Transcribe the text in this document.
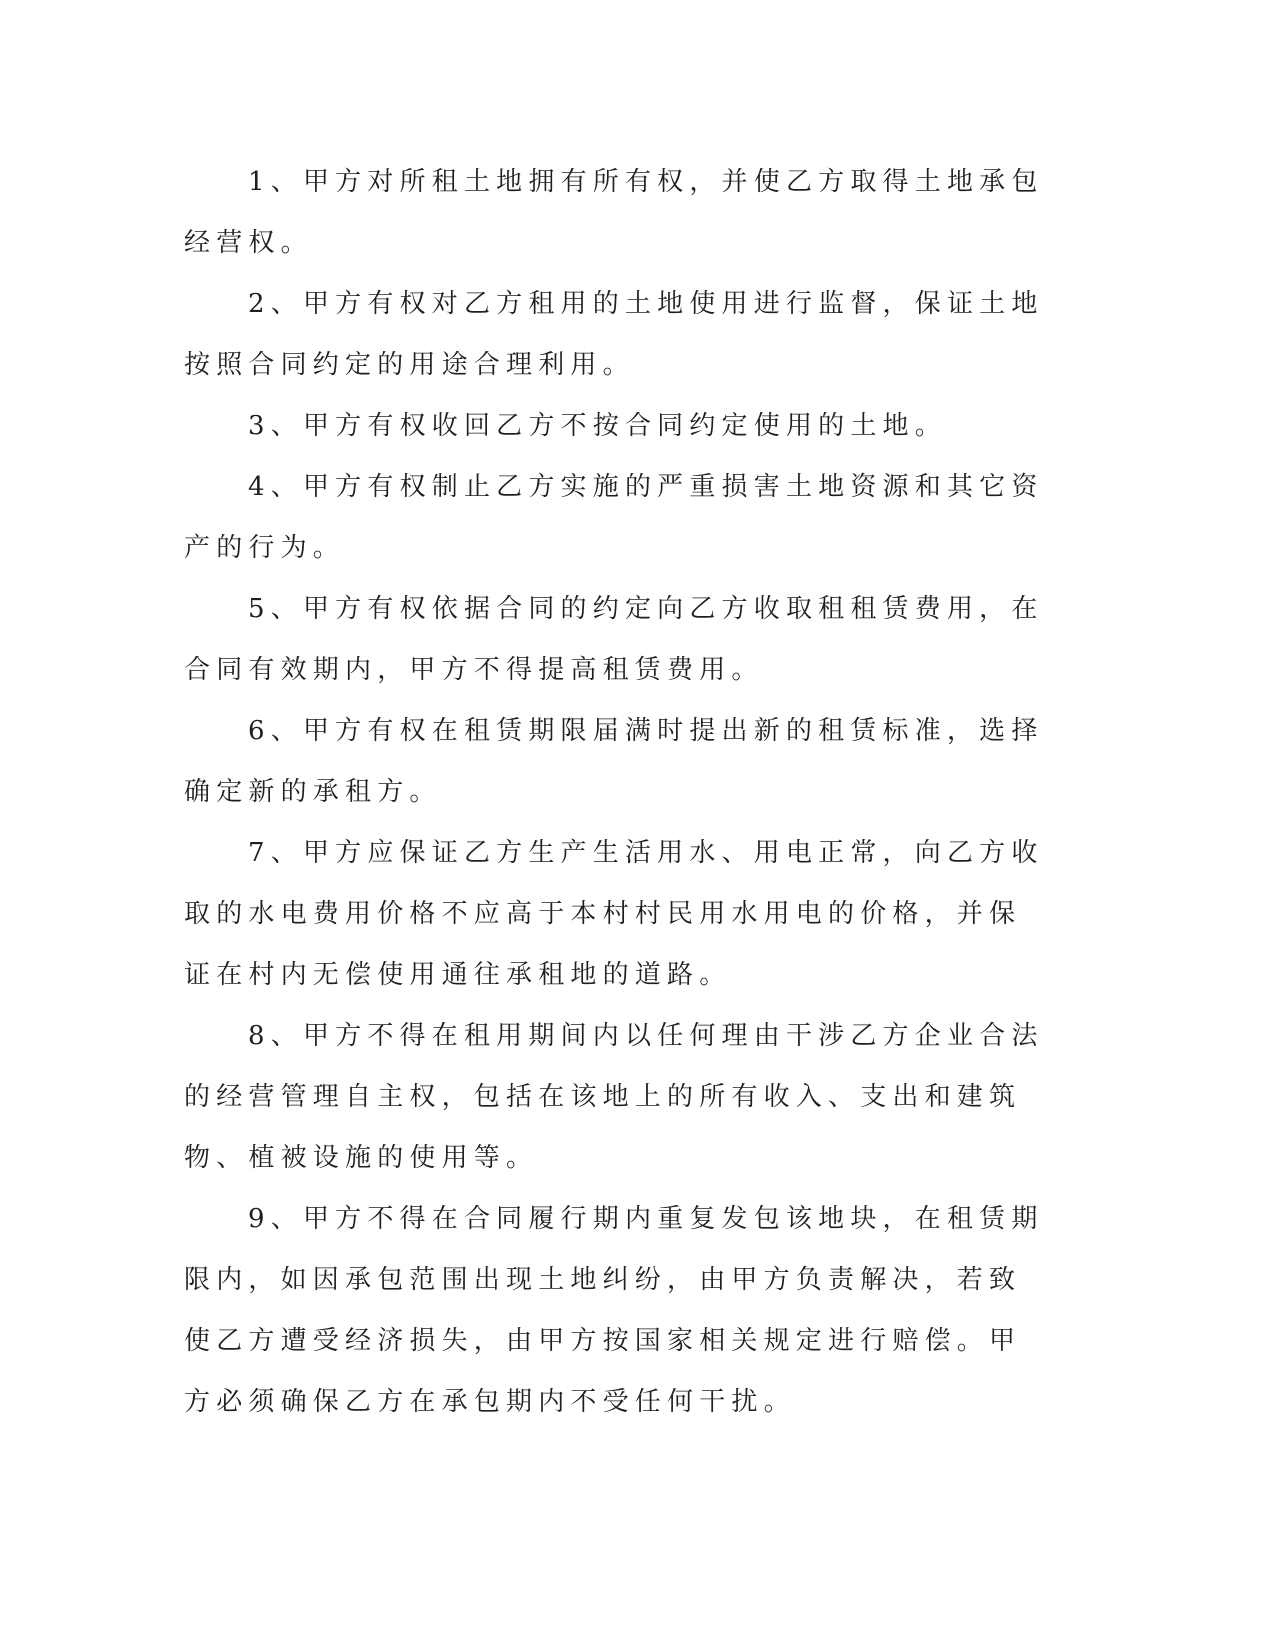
1、甲方对所租土地拥有所有权，并使乙方取得土地承包经营权。

2、甲方有权对乙方租用的土地使用进行监督，保证土地按照合同约定的用途合理利用。

3、甲方有权收回乙方不按合同约定使用的土地。

4、甲方有权制止乙方实施的严重损害土地资源和其它资产的行为。

5、甲方有权依据合同的约定向乙方收取租租赁费用，在合同有效期内，甲方不得提高租赁费用。

6、甲方有权在租赁期限届满时提出新的租赁标准，选择确定新的承租方。

7、甲方应保证乙方生产生活用水、用电正常，向乙方收取的水电费用价格不应高于本村村民用水用电的价格，并保证在村内无偿使用通往承租地的道路。

8、甲方不得在租用期间内以任何理由干涉乙方企业合法的经营管理自主权，包括在该地上的所有收入、支出和建筑物、植被设施的使用等。

9、甲方不得在合同履行期内重复发包该地块，在租赁期限内，如因承包范围出现土地纠纷，由甲方负责解决，若致使乙方遭受经济损失，由甲方按国家相关规定进行赔偿。甲方必须确保乙方在承包期内不受任何干扰。
